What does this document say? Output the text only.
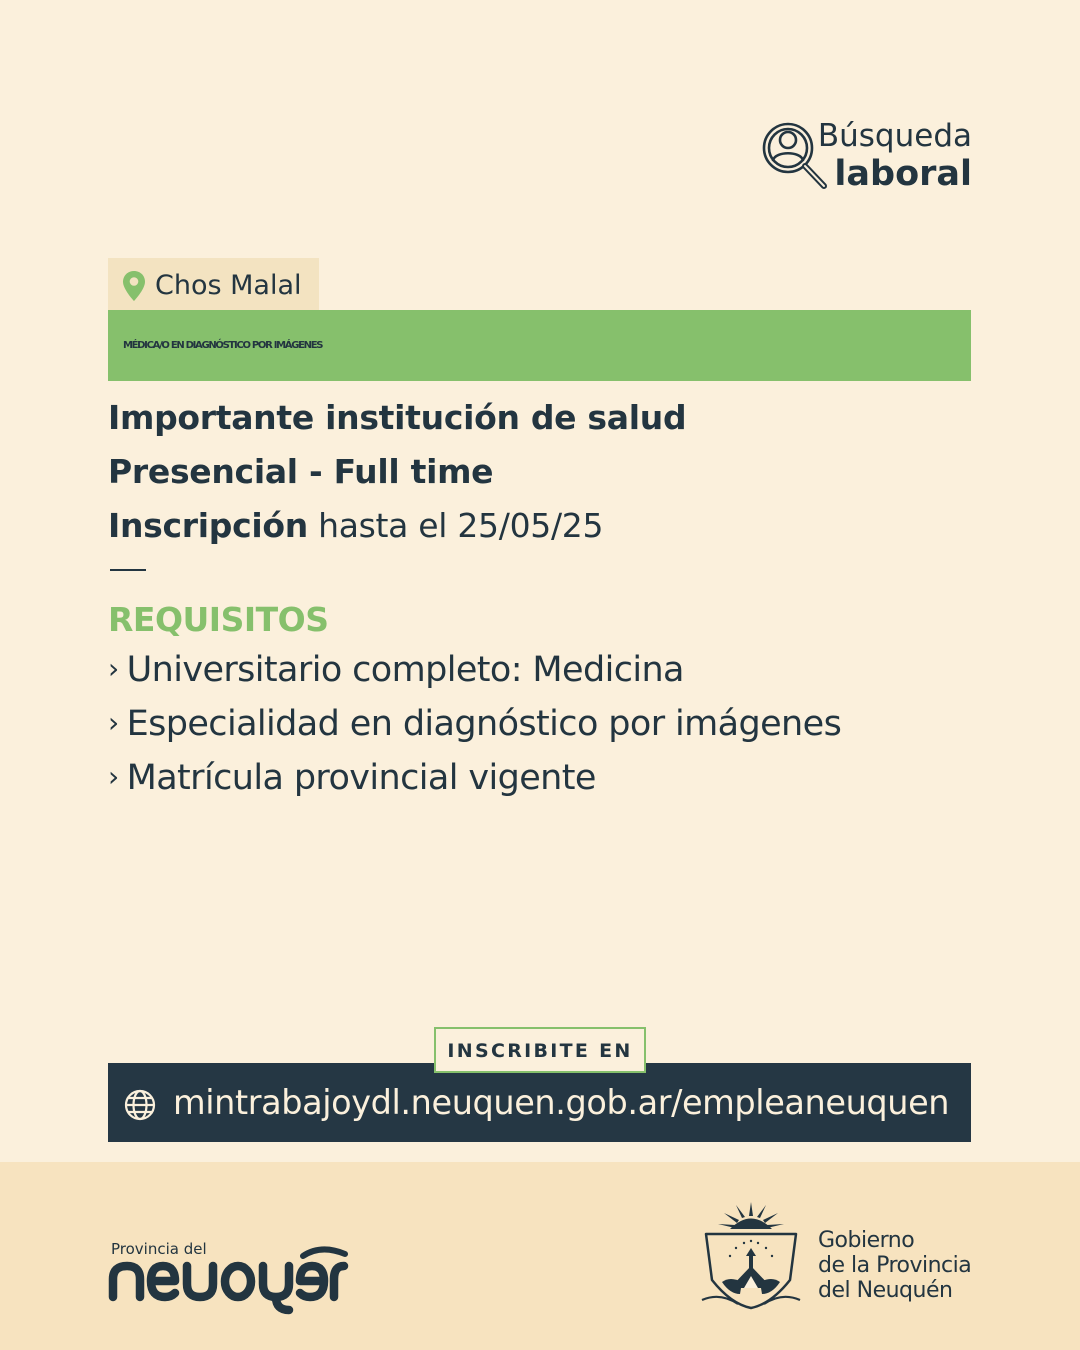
Búsqueda
laboral
Chos Malal
MÉDICA/O EN DIAGNÓSTICO POR IMÁGENES
Importante institución de salud
Presencial - Full time
Inscripción hasta el 25/05/25
REQUISITOS
› Universitario completo: Medicina
› Especialidad en diagnóstico por imágenes
› Matrícula provincial vigente
INSCRIBITE EN
mintrabajoydl.neuquen.gob.ar/empleaneuquen
Provincia del	Gobierno
de la Provincia
del Neuquén
